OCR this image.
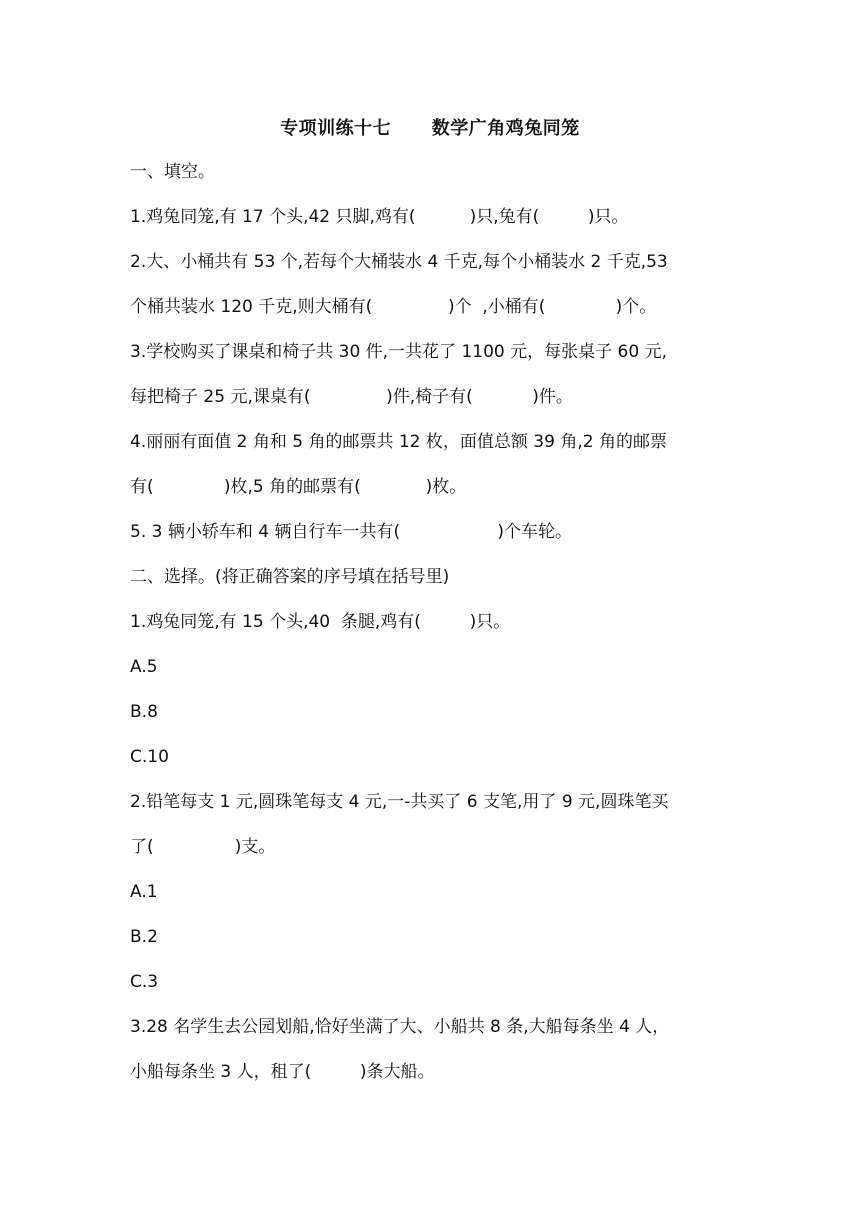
专项训练十七      数学广角鸡兔同笼
一、填空。
1.鸡兔同笼,有 17 个头,42 只脚,鸡有(          )只,兔有(         )只。
2.大、小桶共有 53 个,若每个大桶装水 4 千克,每个小桶装水 2 千克,53
个桶共装水 120 千克,则大桶有(              )个  ,小桶有(             )个。
3.学校购买了课桌和椅子共 30 件,一共花了 1100 元，每张桌子 60 元,
每把椅子 25 元,课桌有(              )件,椅子有(           )件。
4.丽丽有面值 2 角和 5 角的邮票共 12 枚，面值总额 39 角,2 角的邮票
有(             )枚,5 角的邮票有(            )枚。
5. 3 辆小轿车和 4 辆自行车一共有(                  )个车轮。
二、选择。(将正确答案的序号填在括号里)
1.鸡兔同笼,有 15 个头,40  条腿,鸡有(         )只。
A.5
B.8
C.10
2.铅笔每支 1 元,圆珠笔每支 4 元,一-共买了 6 支笔,用了 9 元,圆珠笔买
了(               )支。
A.1
B.2
C.3
3.28 名学生去公园划船,恰好坐满了大、小船共 8 条,大船每条坐 4 人，
小船每条坐 3 人，租了(         )条大船。
